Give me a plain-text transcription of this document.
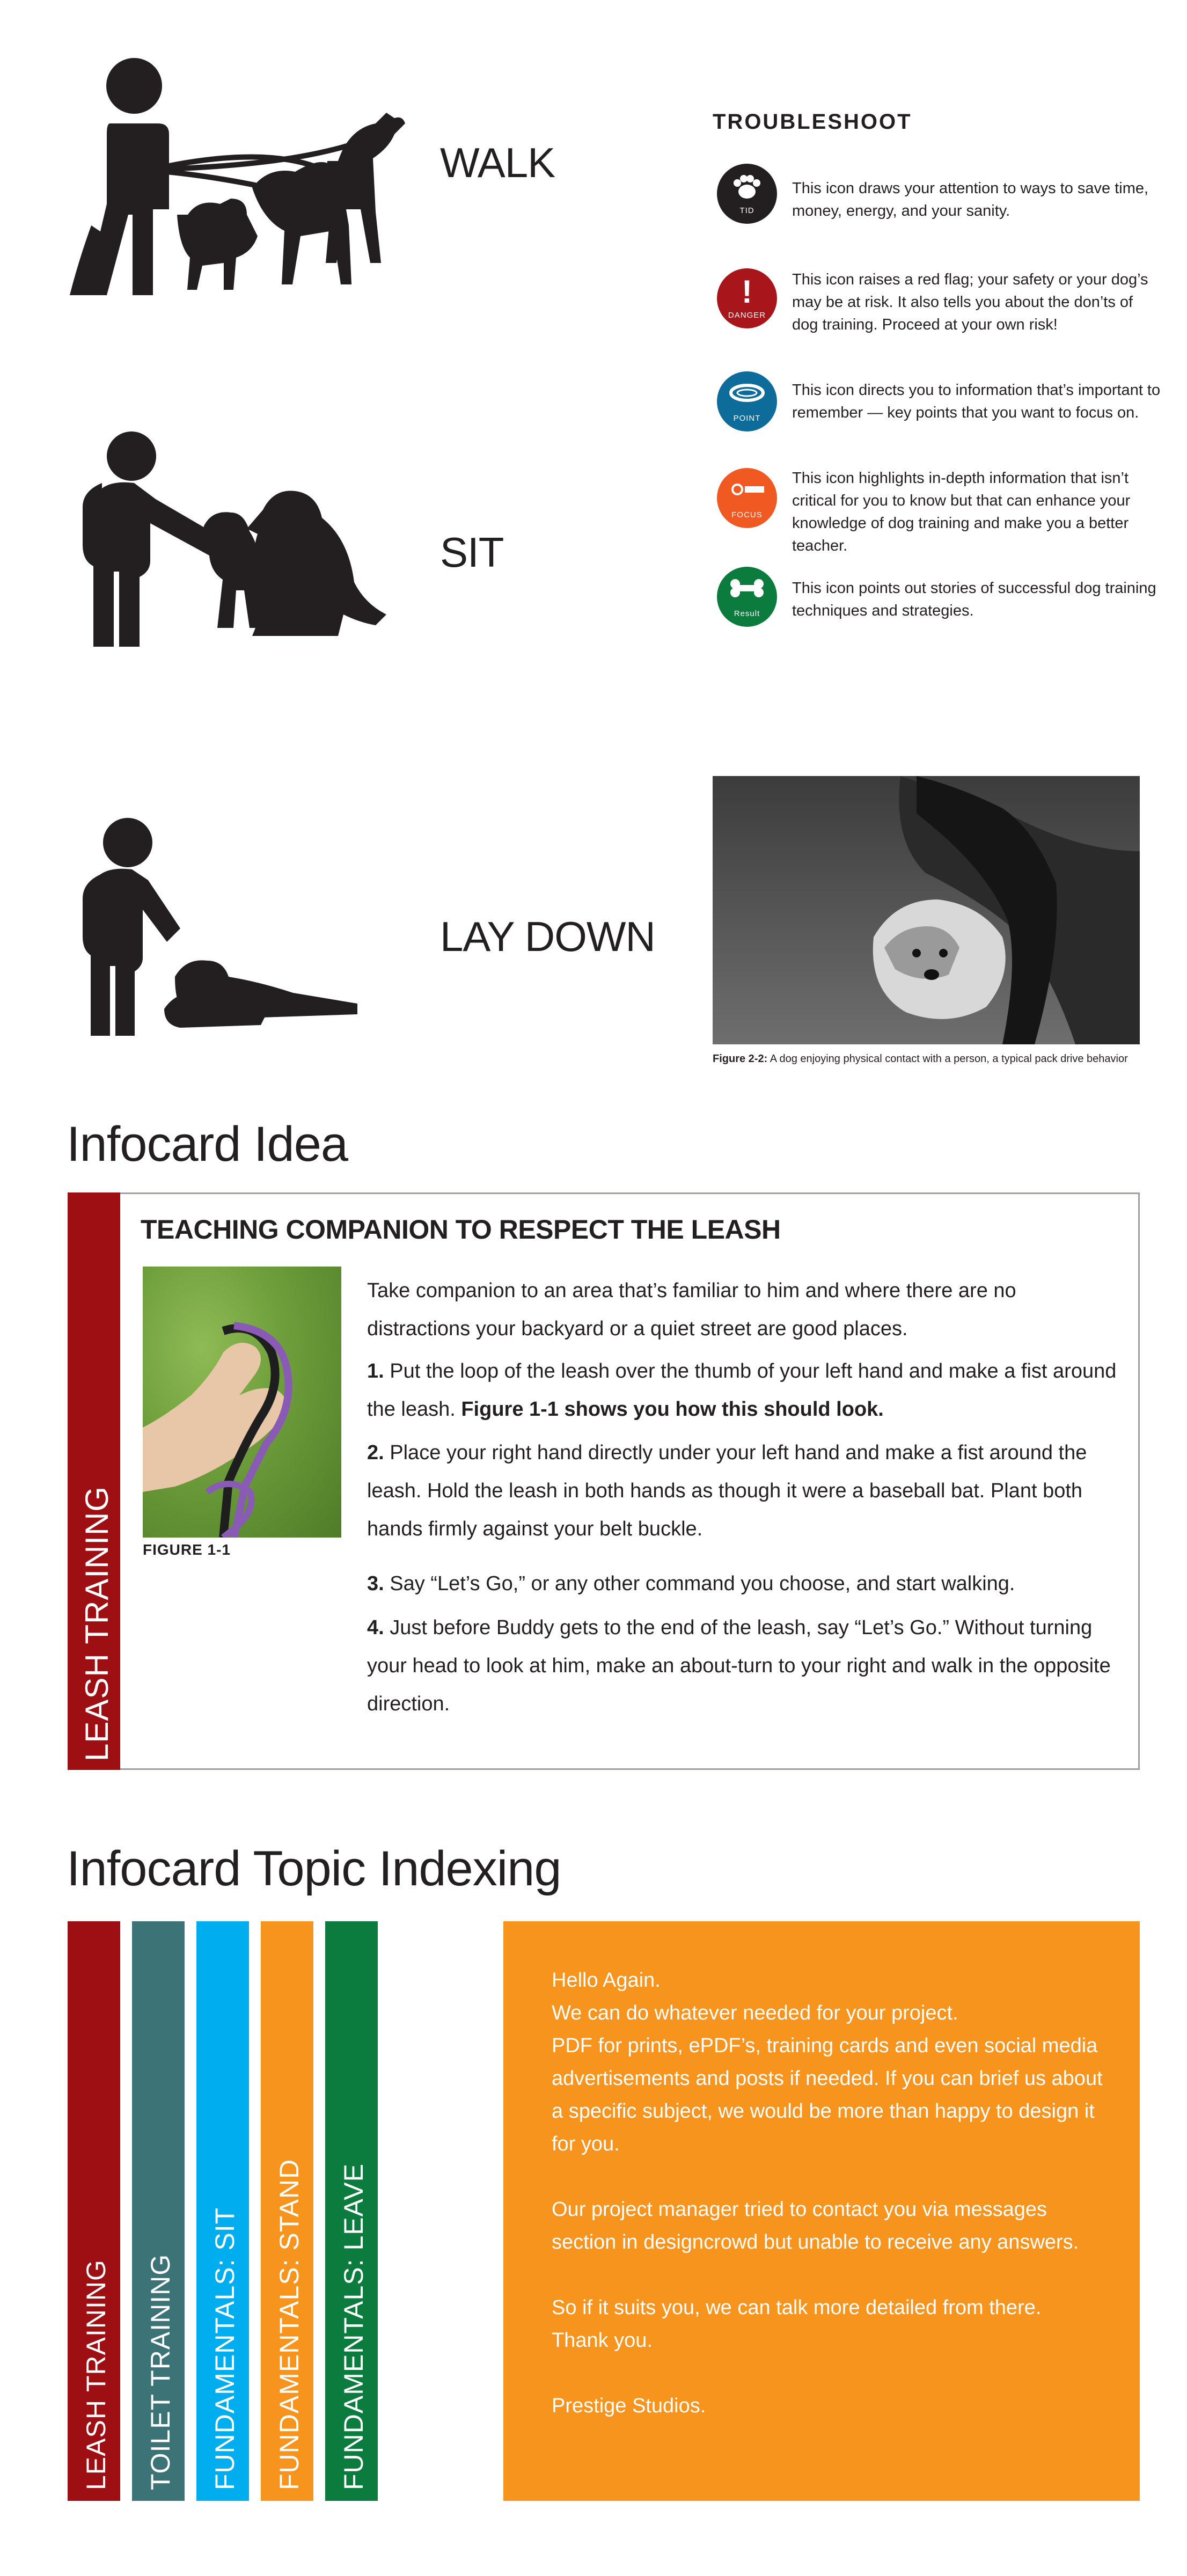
WALK
SIT
LAY DOWN
TROUBLESHOOT
TID
This icon draws your attention to ways to save time, money, energy, and your sanity.
!
DANGER
This icon raises a red flag; your safety or your dog’s may be at risk. It also tells you about the don’ts of dog training. Proceed at your own risk!
POINT
This icon directs you to information that’s important to remember — key points that you want to focus on.
FOCUS
This icon highlights in-depth information that isn’t critical for you to know but that can enhance your knowledge of dog training and make you a better teacher.
Result
This icon points out stories of successful dog training techniques and strategies.
Figure 2-2: A dog enjoying physical contact with a person, a typical pack drive behavior
Infocard Idea
LEASH TRAINING
TEACHING COMPANION TO RESPECT THE LEASH
FIGURE 1-1
Take companion to an area that’s familiar to him and where there are no distractions your backyard or a quiet street are good places.
1. Put the loop of the leash over the thumb of your left hand and make a fist around the leash. Figure 1-1 shows you how this should look.
2. Place your right hand directly under your left hand and make a fist around the leash. Hold the leash in both hands as though it were a baseball bat. Plant both hands firmly against your belt buckle.
3. Say “Let’s Go,” or any other command you choose, and start walking.
4. Just before Buddy gets to the end of the leash, say “Let’s Go.” Without turning your head to look at him, make an about-turn to your right and walk in the opposite direction.
Infocard Topic Indexing
LEASH TRAINING TOILET TRAINING FUNDAMENTALS: SIT FUNDAMENTALS: STAND FUNDAMENTALS: LEAVE

Hello Again.

We can do whatever needed for your project.

PDF for prints, ePDF’s, training cards and even social media advertisements and posts if needed. If you can brief us about a specific subject, we would be more than happy to design it for you.

Our project manager tried to contact you via messages section in designcrowd but unable to receive any answers.

So if it suits you, we can talk more detailed from there.

Thank you.

Prestige Studios.
